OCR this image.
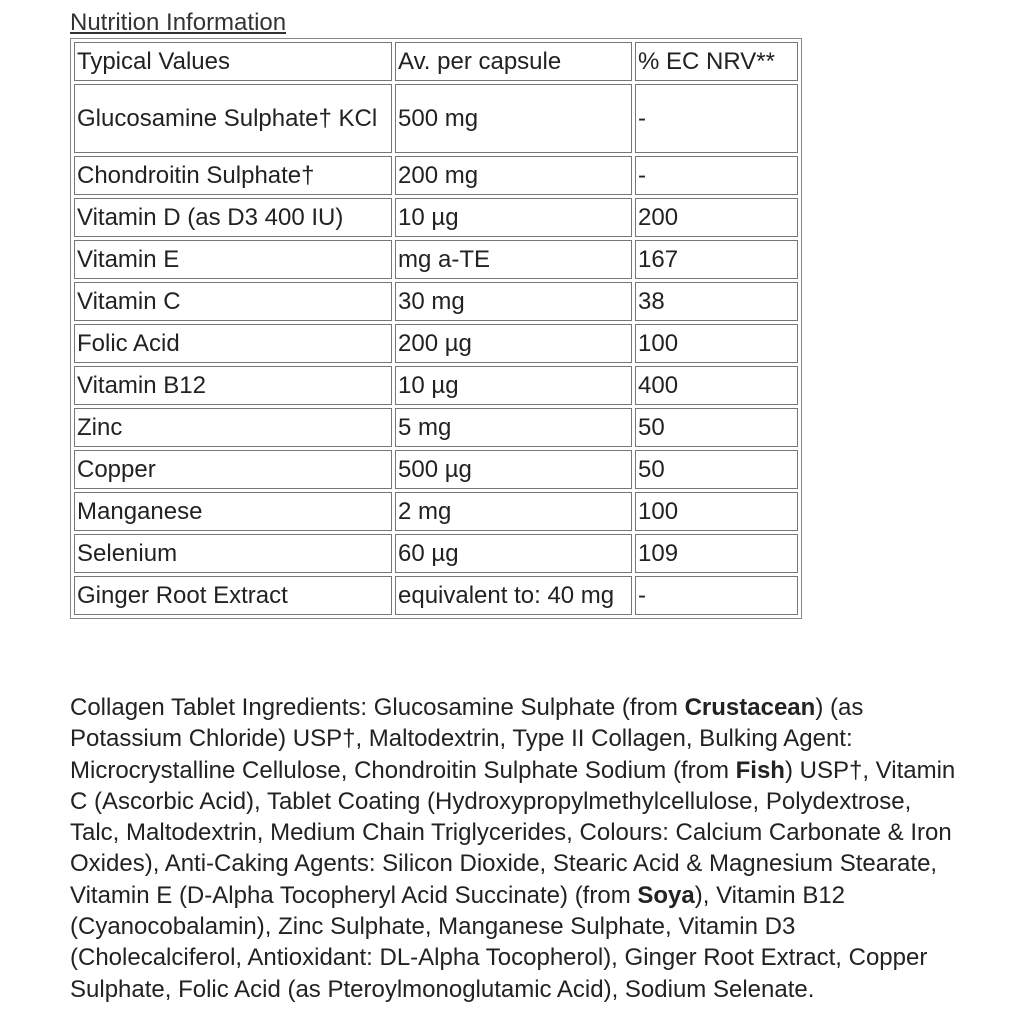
Nutrition Information

Typical Values	Av. per capsule	% EC NRV**
Glucosamine Sulphate† KCl	500 mg	-
Chondroitin Sulphate†	200 mg	-
Vitamin D (as D3 400 IU)	10 µg	200
Vitamin E	mg a-TE	167
Vitamin C	30 mg	38
Folic Acid	200 µg	100
Vitamin B12	10 µg	400
Zinc	5 mg	50
Copper	500 µg	50
Manganese	2 mg	100
Selenium	60 µg	109
Ginger Root Extract	equivalent to: 40 mg	-

Collagen Tablet Ingredients: Glucosamine Sulphate (from Crustacean) (as Potassium Chloride) USP†, Maltodextrin, Type II Collagen, Bulking Agent: Microcrystalline Cellulose, Chondroitin Sulphate Sodium (from Fish) USP†, Vitamin C (Ascorbic Acid), Tablet Coating (Hydroxypropylmethylcellulose, Polydextrose, Talc, Maltodextrin, Medium Chain Triglycerides, Colours: Calcium Carbonate & Iron Oxides), Anti-Caking Agents: Silicon Dioxide, Stearic Acid & Magnesium Stearate, Vitamin E (D-Alpha Tocopheryl Acid Succinate) (from Soya), Vitamin B12 (Cyanocobalamin), Zinc Sulphate, Manganese Sulphate, Vitamin D3 (Cholecalciferol, Antioxidant: DL-Alpha Tocopherol), Ginger Root Extract, Copper Sulphate, Folic Acid (as Pteroylmonoglutamic Acid), Sodium Selenate.
